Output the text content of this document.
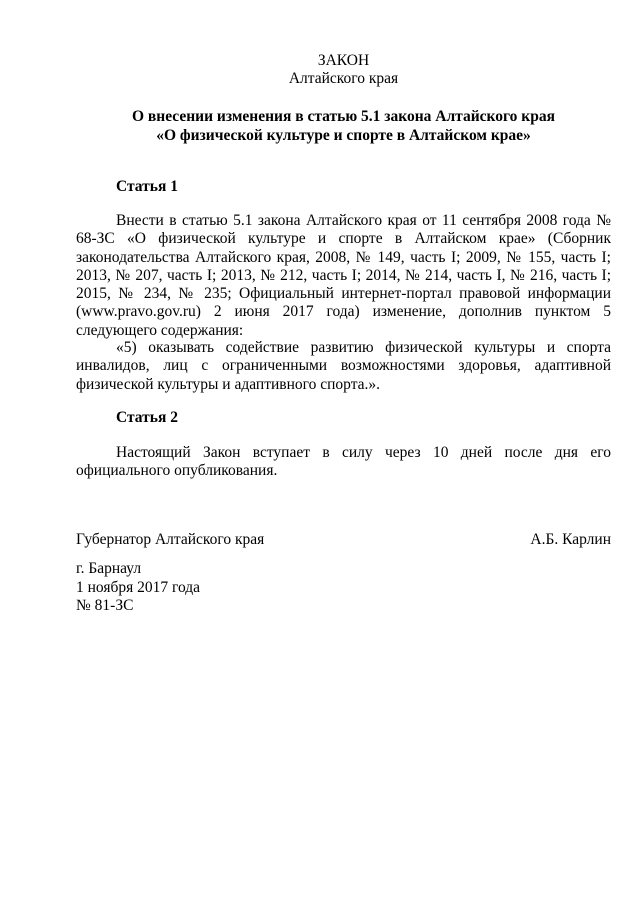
ЗАКОН
Алтайского края
О внесении изменения в статью 5.1 закона Алтайского края
«О физической культуре и спорте в Алтайском крае»
Статья 1
Внести в статью 5.1 закона Алтайского края от 11 сентября 2008 года № 68-ЗС «О физической культуре и спорте в Алтайском крае» (Сборник законодательства Алтайского края, 2008, № 149, часть I; 2009, № 155, часть I; 2013, № 207, часть I; 2013, № 212, часть I; 2014, № 214, часть I, № 216, часть I; 2015, № 234, № 235; Официальный интернет-портал правовой информации (www.pravo.gov.ru) 2 июня 2017 года) изменение, дополнив пунктом 5 следующего содержания:
«5) оказывать содействие развитию физической культуры и спорта инвалидов, лиц с ограниченными возможностями здоровья, адаптивной физической культуры и адаптивного спорта.».
Статья 2
Настоящий Закон вступает в силу через 10 дней после дня его официального опубликования.
Губернатор Алтайского края	А.Б. Карлин
г. Барнаул
1 ноября 2017 года
№ 81-ЗС
